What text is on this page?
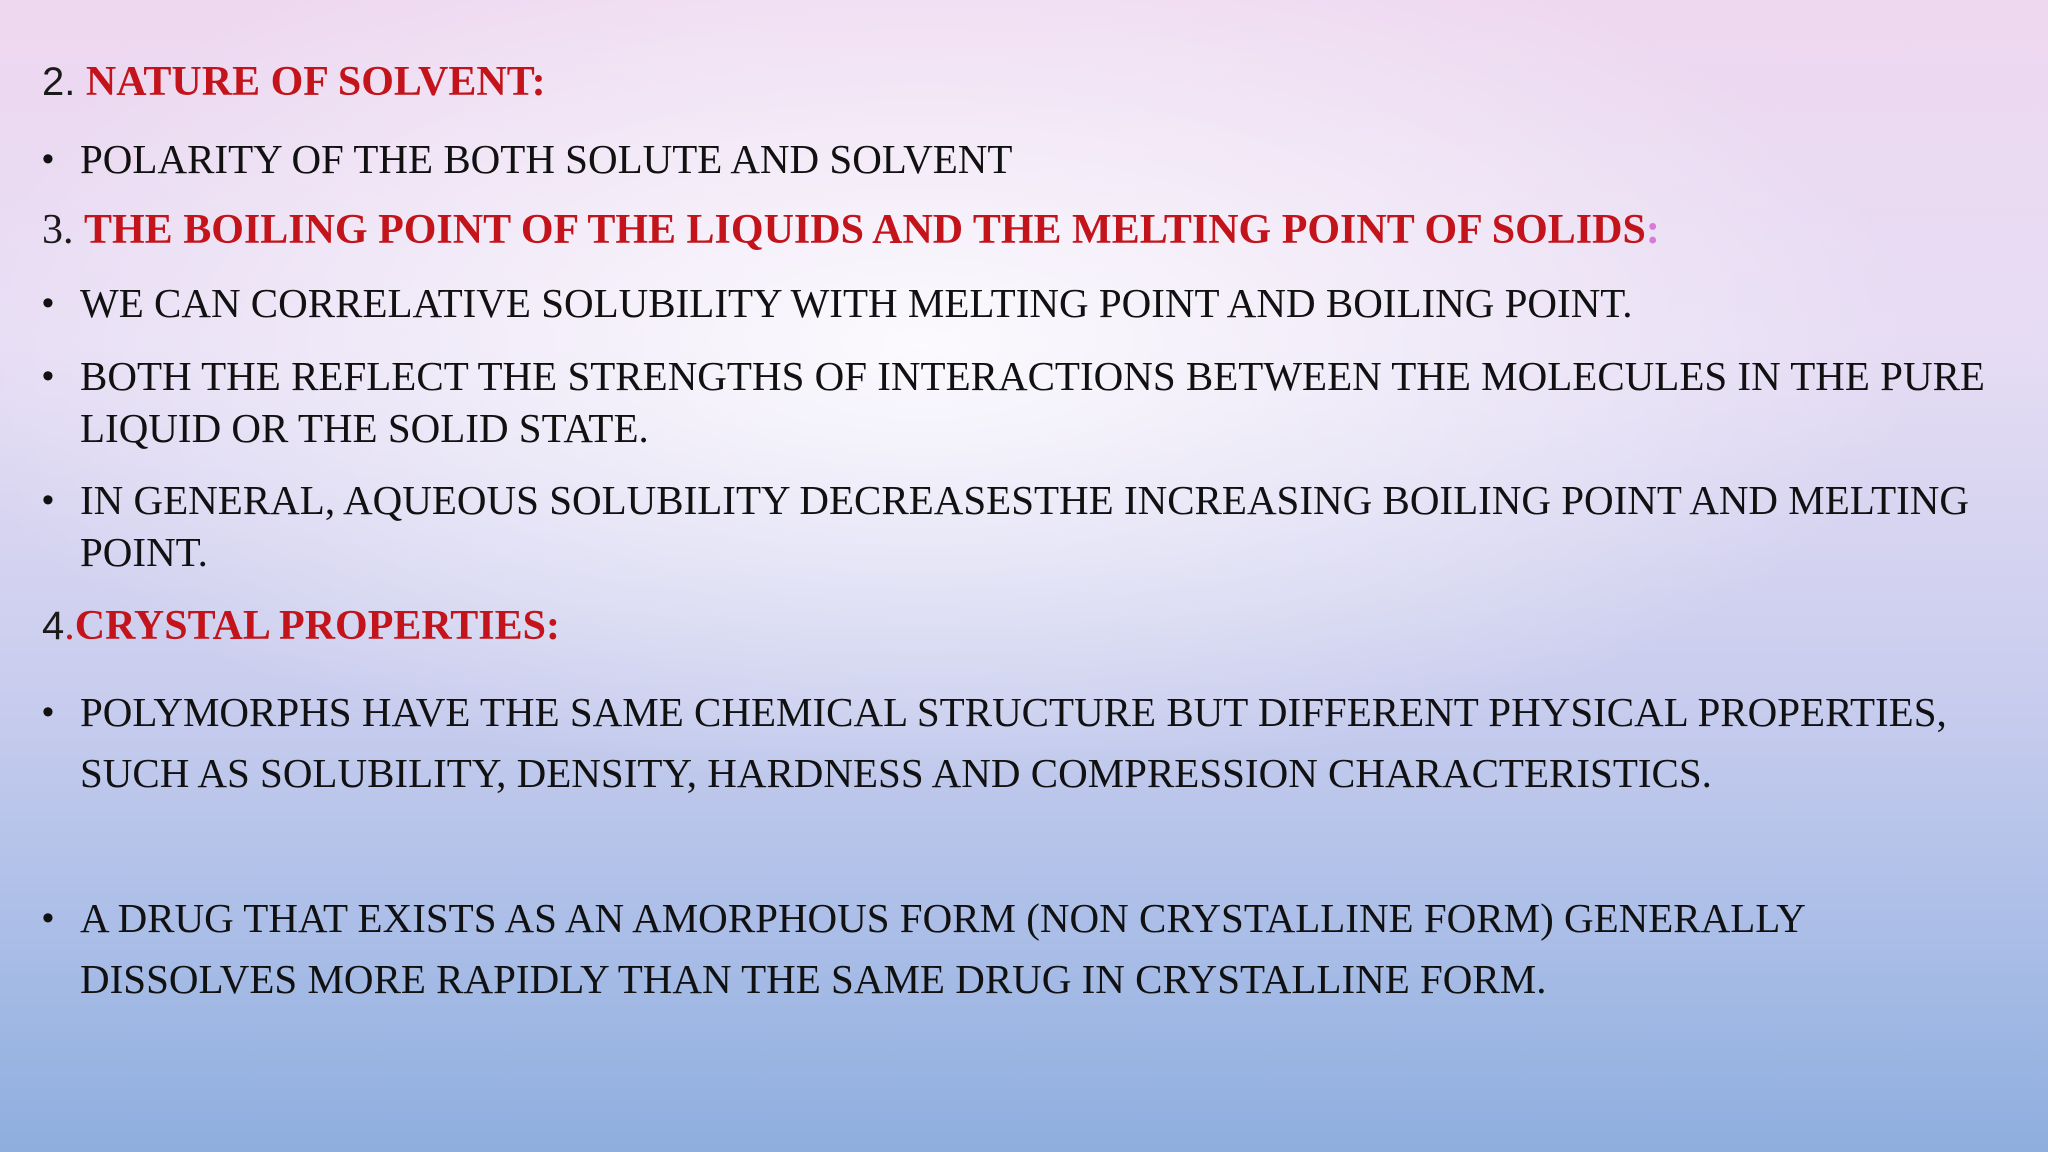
2. NATURE OF SOLVENT:
• POLARITY OF THE BOTH SOLUTE AND SOLVENT
3. THE BOILING POINT OF THE LIQUIDS AND THE MELTING POINT OF SOLIDS:
• WE CAN CORRELATIVE SOLUBILITY WITH MELTING POINT AND BOILING POINT.
• BOTH THE REFLECT THE STRENGTHS OF INTERACTIONS BETWEEN THE MOLECULES IN THE PURE LIQUID OR THE SOLID STATE.
• IN GENERAL, AQUEOUS SOLUBILITY DECREASESTHE INCREASING BOILING POINT AND MELTING POINT.
4.CRYSTAL PROPERTIES:
• POLYMORPHS HAVE THE SAME CHEMICAL STRUCTURE BUT DIFFERENT PHYSICAL PROPERTIES, SUCH AS SOLUBILITY, DENSITY, HARDNESS AND COMPRESSION CHARACTERISTICS.
• A DRUG THAT EXISTS AS AN AMORPHOUS FORM (NON CRYSTALLINE FORM) GENERALLY DISSOLVES MORE RAPIDLY THAN THE SAME DRUG IN CRYSTALLINE FORM.
